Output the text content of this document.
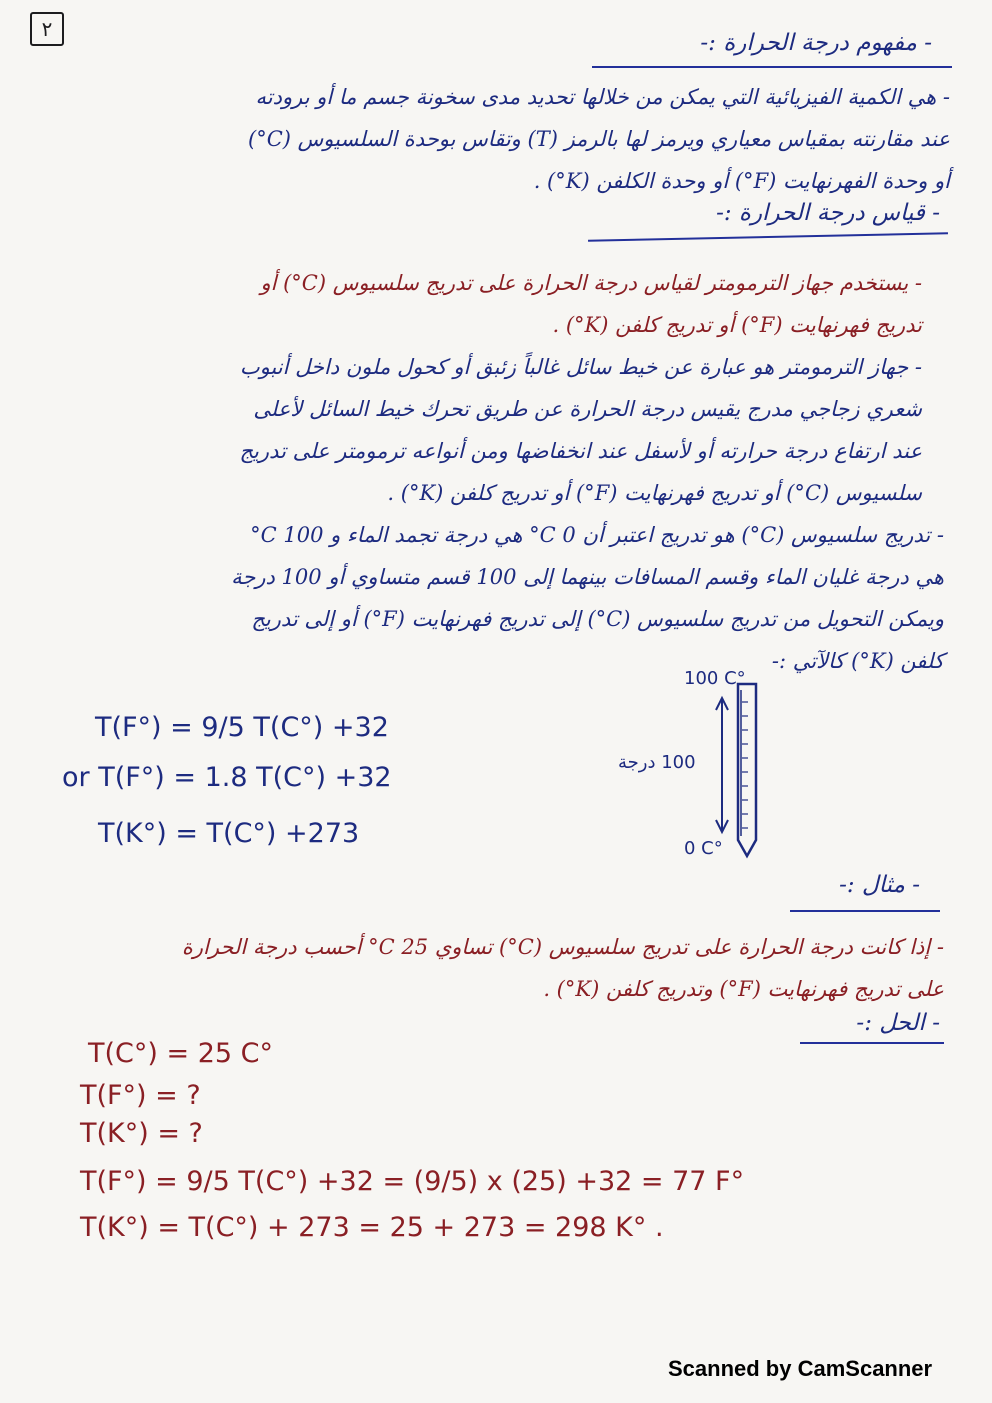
٢
- مفهوم درجة الحرارة :-
- هي الكمية الفيزيائية التي يمكن من خلالها تحديد مدى سخونة جسم ما أو برودته
عند مقارنته بمقياس معياري ويرمز لها بالرمز (T) وتقاس بوحدة السلسيوس (C°)
أو وحدة الفهرنهايت (F°) أو وحدة الكلفن (K°) .
- قياس درجة الحرارة :-
- يستخدم جهاز الترمومتر لقياس درجة الحرارة على تدريج سلسيوس (C°) أو
تدريج فهرنهايت (F°) أو تدريج كلفن (K°) .
- جهاز الترمومتر هو عبارة عن خيط سائل غالباً زئبق أو كحول ملون داخل أنبوب
شعري زجاجي مدرج يقيس درجة الحرارة عن طريق تحرك خيط السائل لأعلى
عند ارتفاع درجة حرارته أو لأسفل عند انخفاضها ومن أنواعه ترمومتر على تدريج
سلسيوس (C°) أو تدريج فهرنهايت (F°) أو تدريج كلفن (K°) .
- تدريج سلسيوس (C°) هو تدريج اعتبر أن 0 C° هي درجة تجمد الماء و 100 C°
هي درجة غليان الماء وقسم المسافات بينهما إلى 100 قسم متساوي أو 100 درجة
ويمكن التحويل من تدريج سلسيوس (C°) إلى تدريج فهرنهايت (F°) أو إلى تدريج
كلفن (K°) كالآتي :-
T(F°) = 9/5 T(C°) +32
or T(F°) = 1.8 T(C°) +32
T(K°) = T(C°) +273
100 C°
0 C°
100 درجة
- مثال :-
- إذا كانت درجة الحرارة على تدريج سلسيوس (C°) تساوي 25 C° أحسب درجة الحرارة
على تدريج فهرنهايت (F°) وتدريج كلفن (K°) .
- الحل :-
T(C°) = 25 C°
T(F°) = ?
T(K°) = ?
T(F°) = 9/5 T(C°) +32 = (9/5) x (25) +32 = 77 F°
T(K°) = T(C°) + 273 = 25 + 273 = 298 K° .
Scanned by CamScanner
